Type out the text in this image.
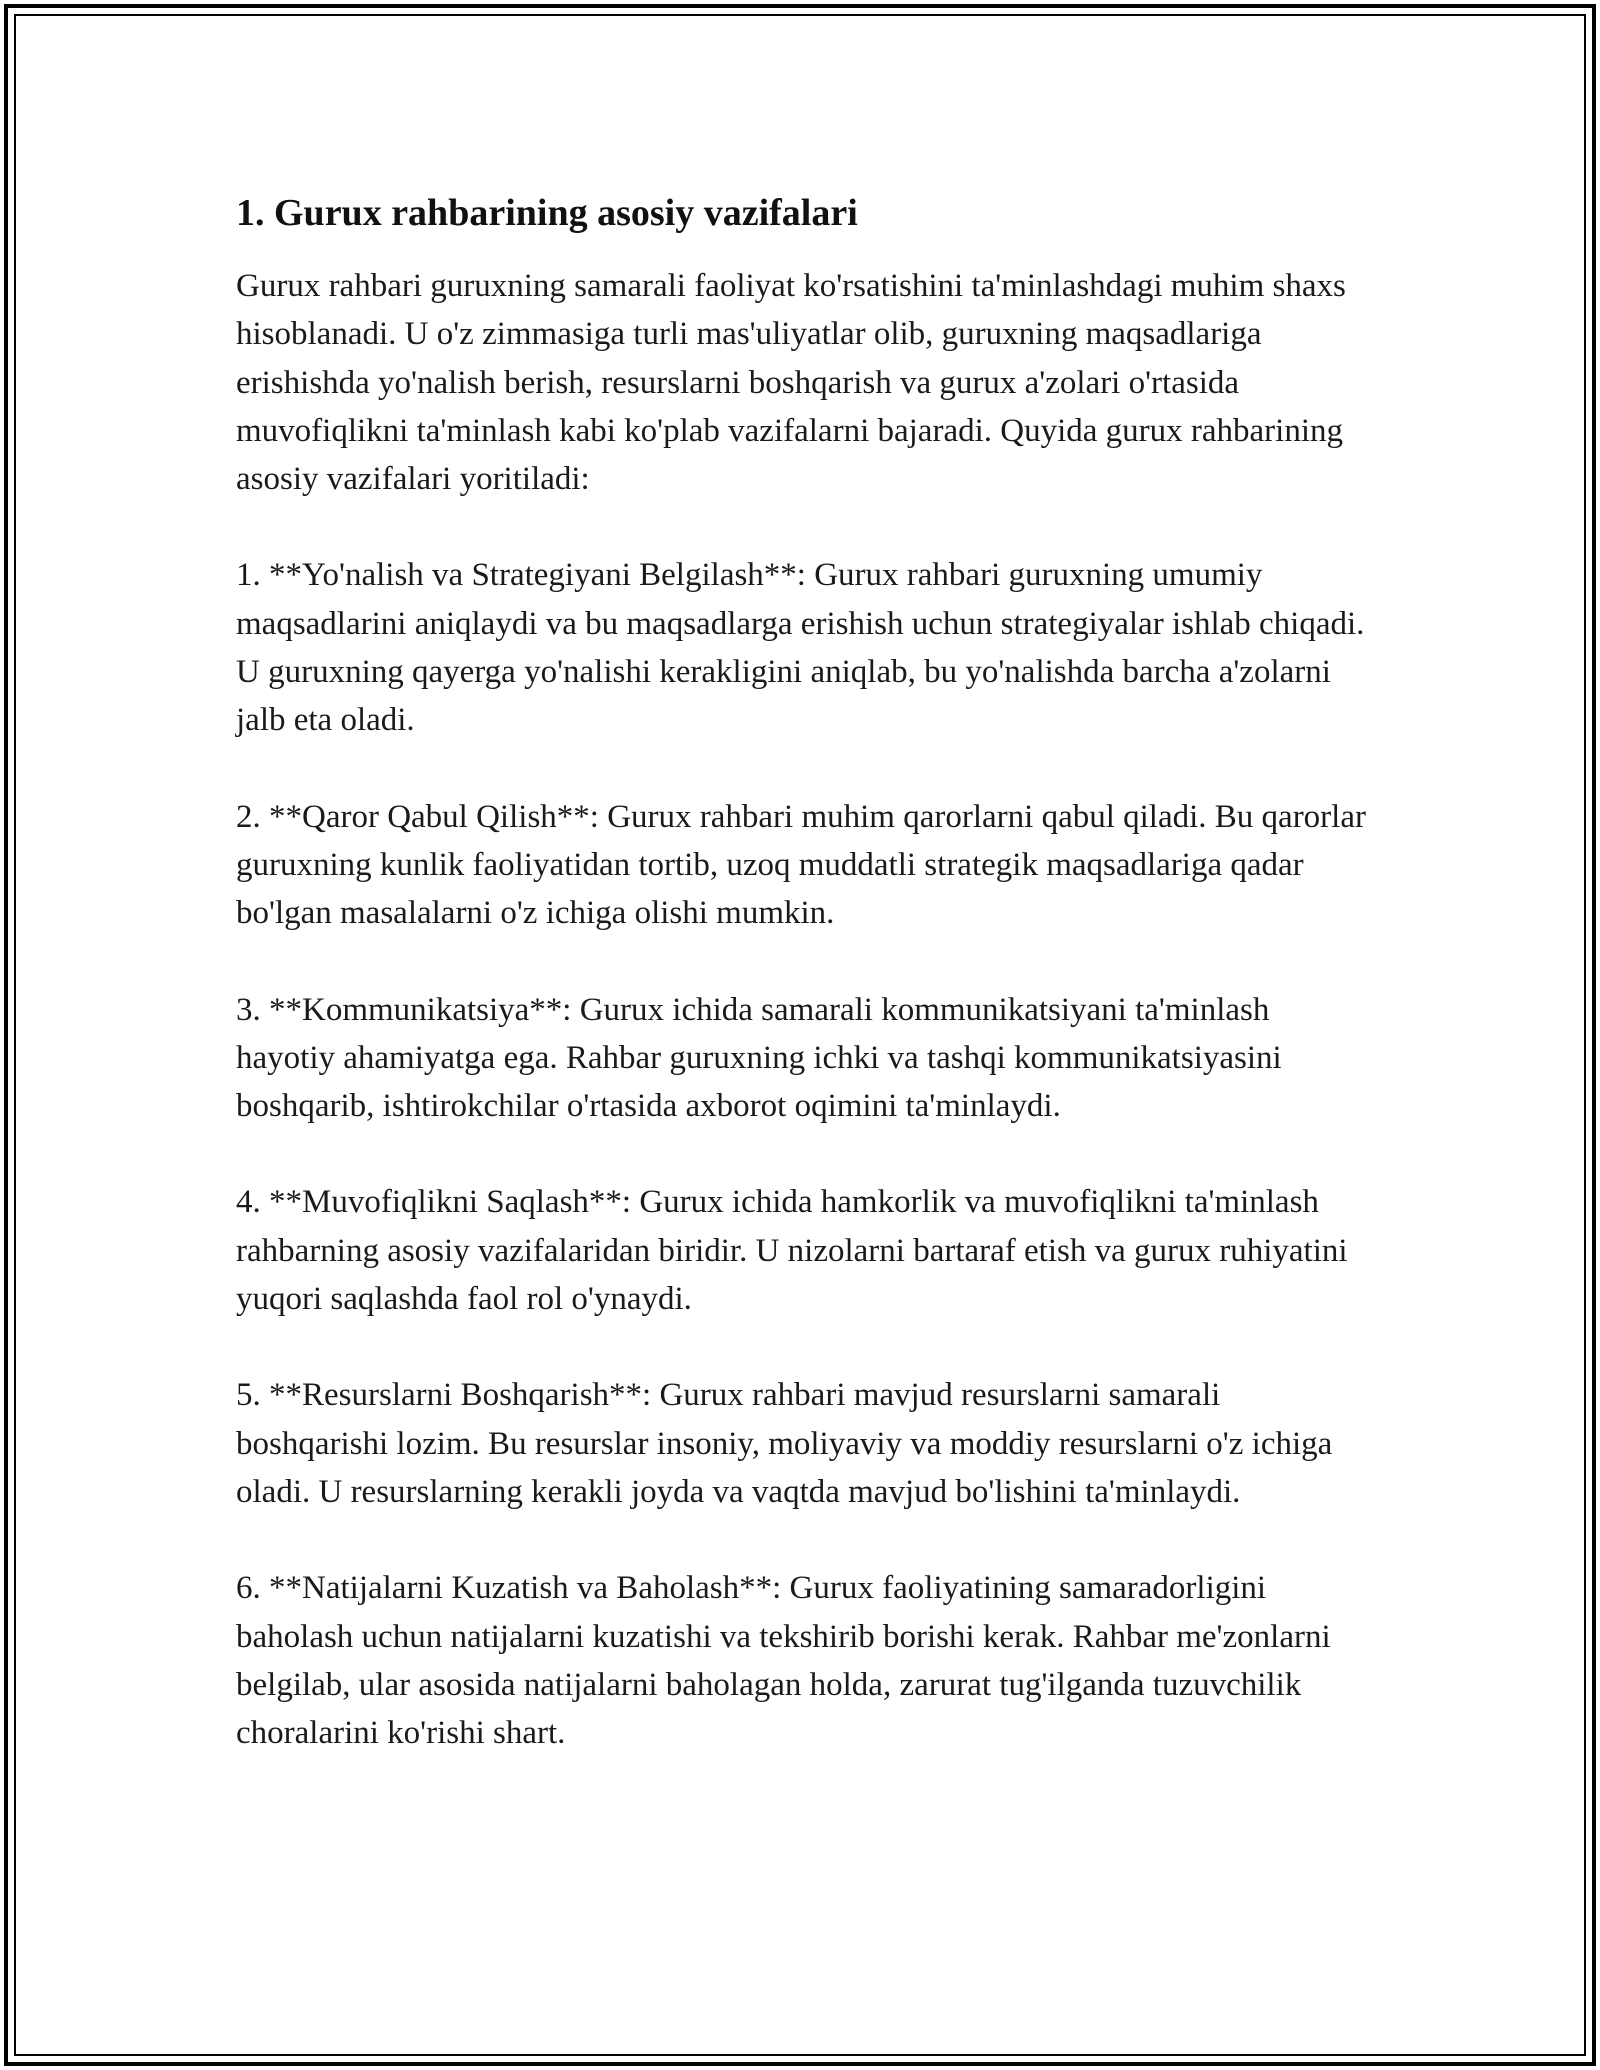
1. Gurux rahbarining asosiy vazifalari

Gurux rahbari guruxning samarali faoliyat ko'rsatishini ta'minlashdagi muhim shaxs hisoblanadi. U o'z zimmasiga turli mas'uliyatlar olib, guruxning maqsadlariga erishishda yo'nalish berish, resurslarni boshqarish va gurux a'zolari o'rtasida muvofiqlikni ta'minlash kabi ko'plab vazifalarni bajaradi. Quyida gurux rahbarining asosiy vazifalari yoritiladi:

1. **Yo'nalish va Strategiyani Belgilash**: Gurux rahbari guruxning umumiy maqsadlarini aniqlaydi va bu maqsadlarga erishish uchun strategiyalar ishlab chiqadi. U guruxning qayerga yo'nalishi kerakligini aniqlab, bu yo'nalishda barcha a'zolarni jalb eta oladi.

2. **Qaror Qabul Qilish**: Gurux rahbari muhim qarorlarni qabul qiladi. Bu qarorlar guruxning kunlik faoliyatidan tortib, uzoq muddatli strategik maqsadlariga qadar bo'lgan masalalarni o'z ichiga olishi mumkin.

3. **Kommunikatsiya**: Gurux ichida samarali kommunikatsiyani ta'minlash hayotiy ahamiyatga ega. Rahbar guruxning ichki va tashqi kommunikatsiyasini boshqarib, ishtirokchilar o'rtasida axborot oqimini ta'minlaydi.

4. **Muvofiqlikni Saqlash**: Gurux ichida hamkorlik va muvofiqlikni ta'minlash rahbarning asosiy vazifalaridan biridir. U nizolarni bartaraf etish va gurux ruhiyatini yuqori saqlashda faol rol o'ynaydi.

5. **Resurslarni Boshqarish**: Gurux rahbari mavjud resurslarni samarali boshqarishi lozim. Bu resurslar insoniy, moliyaviy va moddiy resurslarni o'z ichiga oladi. U resurslarning kerakli joyda va vaqtda mavjud bo'lishini ta'minlaydi.

6. **Natijalarni Kuzatish va Baholash**: Gurux faoliyatining samaradorligini baholash uchun natijalarni kuzatishi va tekshirib borishi kerak. Rahbar me'zonlarni belgilab, ular asosida natijalarni baholagan holda, zarurat tug'ilganda tuzuvchilik choralarini ko'rishi shart.
